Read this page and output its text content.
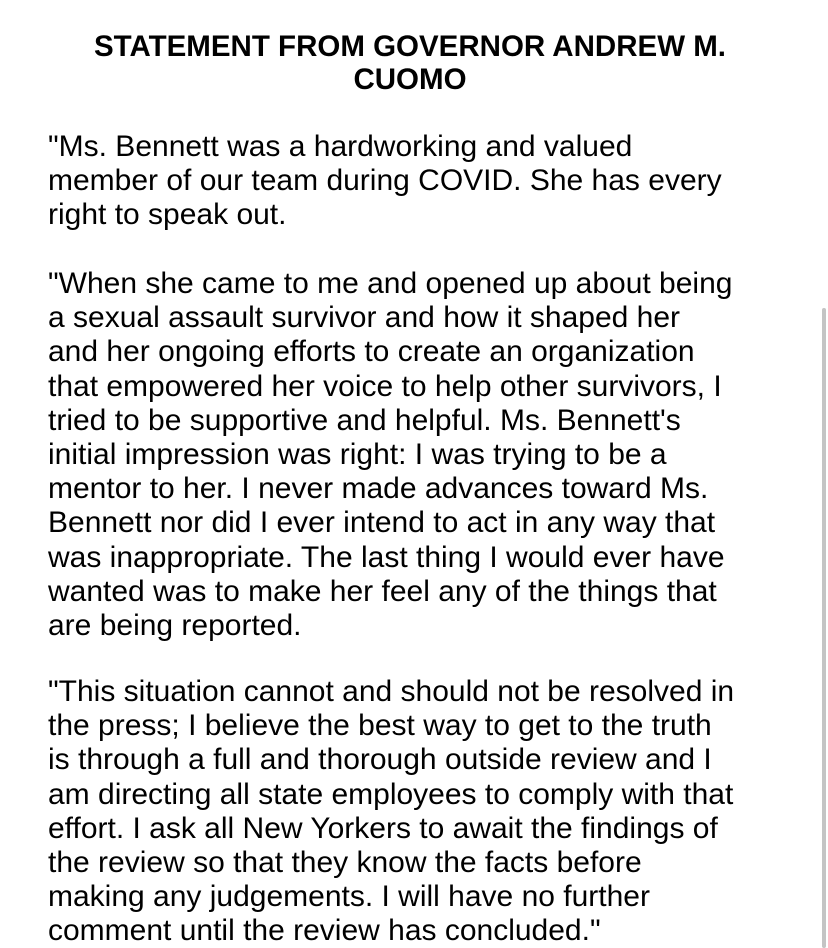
STATEMENT FROM GOVERNOR ANDREW M.
CUOMO

"Ms. Bennett was a hardworking and valued
member of our team during COVID. She has every
right to speak out.

"When she came to me and opened up about being
a sexual assault survivor and how it shaped her
and her ongoing efforts to create an organization
that empowered her voice to help other survivors, I
tried to be supportive and helpful. Ms. Bennett's
initial impression was right: I was trying to be a
mentor to her. I never made advances toward Ms.
Bennett nor did I ever intend to act in any way that
was inappropriate. The last thing I would ever have
wanted was to make her feel any of the things that
are being reported.

"This situation cannot and should not be resolved in
the press; I believe the best way to get to the truth
is through a full and thorough outside review and I
am directing all state employees to comply with that
effort. I ask all New Yorkers to await the findings of
the review so that they know the facts before
making any judgements. I will have no further
comment until the review has concluded."
